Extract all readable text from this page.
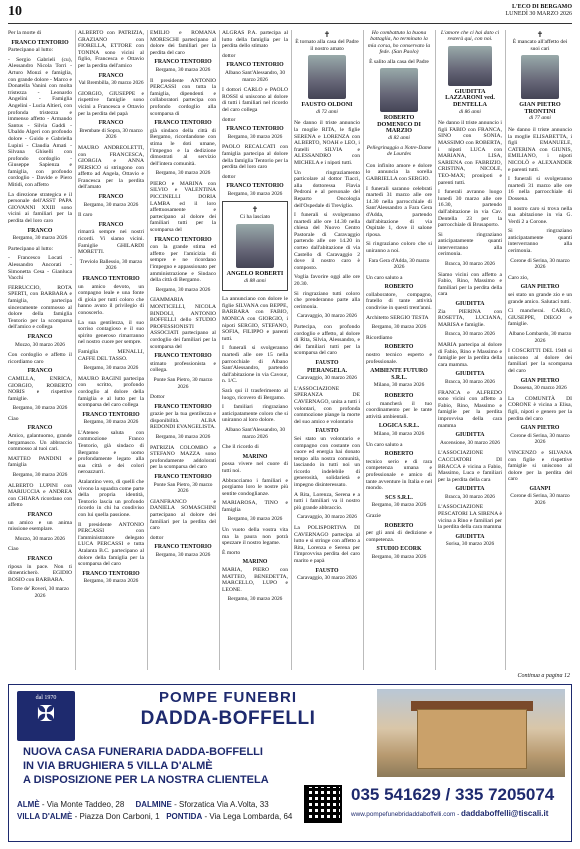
10	L'ECO DI BERGAMO
LUNEDÌ 30 MARZO 2026

Per la morte di

FRANCO TENTORIO

Partecipano al lutto:

- Sergio Gabrieli (cu), Alessandro Nicola Torri - Arturo Monzi e famiglia, con grande dolore - Marco e Donatella Vanini con molta tristezza - Leonardo Angelini - Famiglia Angelini - Lucia Altieri, con profonda tristezza e immenso affetto - Armando Santus - Silvia Gaddi - Ubaldo Algeri con profondo dolore - Guido e Gabriella Lupini - Claudia Amati - Silvana Ghiselli con profondo cordoglio - Giuseppe Sapienza e famiglia, con profondo cordoglio - Davide e Piero Mitidi, con affetto

La direzione strategica e il personale dell'ASST PAPA GIOVANNI XXIII sono vicini ai familiari per la perdita del loro caro

FRANCO

Bergamo, 30 marzo 2026

Partecipano al lutto:

- Francesco Locati - Alessandro Ancorati - Simonetta Cesa - Gianluca Vacchi

FERRUCCIO, ROTA SPERTI, con BARBARA e famiglia, partecipa sinceramente commosso al dolore della famiglia Tentorio per la scomparsa dell'amico e collega

FRANCO

Mozzo, 30 marzo 2026

Con cordoglio e affetto il ricordiamo caro

FRANCO

CAMILLA, ENRICA, GIORGIO, ROBERTO NORIS e rispettive famiglie.

Bergamo, 30 marzo 2026

Ciao

FRANCO

Amico, galantuomo, grande bergamasco. Un abbraccio commosso al tuoi cari.

MATTEO PANDINI e famiglia

Bergamo, 30 marzo 2026

ALBERTO LUPINI con MARIUCCIA e ANDREA con CHIARA ricordano con affetto

FRANCO

un amico e un anima missione esemplare.

Mozzo, 30 marzo 2026

Ciao

FRANCO

riposa in pace. Non ti dimenticherò. EGIDIO BOSIO con BARBARA.

Torre de' Roveri, 30 marzo 2026

ALBERTO con PATRIZIA, GRAZIANO con FIORELLA, ETTORE con TONINA sono vicini al figlio, Francesca e Ottavio per la perdita dell'amico

FRANCO

Val Brembilla, 30 marzo 2026

GIORGIO, GIUSEPPE e rispettive famiglie sono vicini a Francesca e Ottavio per la perdita del papà

FRANCO

Brembate di Sopra, 30 marzo 2026

MAURO ANDREOLETTI, con FRANCESCA, GIORGIA e ANNA PERSICO si stringono con affetto ad Angela, Ottavio e Francesca per la perdita dell'amato

FRANCO

Bergamo, 30 marzo 2026

Il caro

FRANCO

rimarrà sempre nei nostri ricordi. Vi siamo vicini. Famiglie GHILARDI MORETTI.

Treviolo Ballessio, 30 marzo 2026

FRANCO TENTORIO

un amico devoto, un compagno leale e una fonte di gioia per tutti coloro che hanno avuto il privilegio di conoscerlo.

La sua gentilezza, il suo sorriso contagioso e il suo spirito generoso rimarranno nel nostro cuore per sempre.

Famiglia MENALLI, CAFFE DEL TASSO.

Bergamo, 30 marzo 2026

MAURO BAGINI partecipa con scritto, profondo cordoglio al dolore della famiglia e al lutto per la scomparsa del caro collega

FRANCO TENTORIO

Bergamo, 30 marzo 2026

L'Ateneo saluta con commozione Franco Tentorio, già sindaco di Bergamo e uomo profondamente legato alla sua città e dei colori neroazzurri.

Atalantino vero, di quelli che vivono la squadra come parte della propria identità, Tentorio lascia un profondo ricordo in chi ha condiviso con lui quella passione.

Il presidente ANTONIO PERCASSI con l'amministratore delegato LUCA PERCASSI e tutta Atalanta B.C. partecipano al dolore della famiglia per la scomparsa del caro

FRANCO TENTORIO

Bergamo, 30 marzo 2026

EMILIO e ROMANA MORESCHI partecipano al dolore dei familiari per la perdita del caro

FRANCO TENTORIO

Bergamo, 30 marzo 2026

Il presidente ANTONIO PERCASSI con tutta la famiglia, dipendenti e collaboratori partecipa con profondo cordoglio alla scomparsa di

FRANCO TENTORIO

già sindaco della città di Bergamo, ricordandone con stima le doti umane, l'impegno e la dedizione dimostrati al servizio dell'intera comunità.

Bergamo, 30 marzo 2026

PIERO e MARINA con SILVIO e VALENTINA PICCINELLI DORIA LAMBA ed il loro affettuosamente e partecipano al dolore dei familiari tutti per la scomparsa del

FRANCO TENTORIO

con la grande stima ed affetto per l'amicizia di sempre e ne ricordano l'impegno e appassionato per amministrazione e Sindaco della città di Bergamo.

Bergamo, 30 marzo 2026

GIAMMARIA MONTICELLI, NICOLA BINDOLI, ANTONIO BOFFELLI dello STUDIO PROFESSIONISTI ASSOCIATI partecipano al cordoglio dei familiari per la scomparsa del

FRANCO TENTORIO

stimato professionista e collega.

Ponte San Pietro, 30 marzo 2026

Dottor

FRANCO TENTORIO

grazie per la tua gentilezza e disponibilità. ALBA REDONDI EVANGELISTA.

Bergamo, 30 marzo 2026

PATRIZIA COLOMBO e STEFANO MAZZA sono profondamente addolorati per la scomparsa del caro

FRANCO TENTORIO

Ponte San Pietro, 30 marzo 2026

GIANFRANCO e DANIELA SOMASCHINI partecipano al dolore dei familiari per la perdita del caro

dottor

FRANCO TENTORIO

Bergamo, 30 marzo 2026

ALGRAS P.A. partecipa al lutto della famiglia per la perdita dello stimato

dottor

FRANCO TENTORIO

Albano Sant'Alessandro, 30 marzo 2026

I dottori CARLO e PAOLO ROSSI si uniscono al dolore di tutti i familiari nel ricordo del caro collega

dottor

FRANCO TENTORIO

Bergamo, 30 marzo 2026

PAOLO RECALCATI con famiglia partecipa al dolore della famiglia Tentorio per la perdita del loro caro

dottor

FRANCO TENTORIO

Bergamo, 30 marzo 2026

✝
Ci ha lasciato
ANGELO ROBERTI
di 88 anni

La annunciano con dolore le figlie SILVANA con BEPPE, BARBARA con FABIO, MONICA con GIORGIO, i nipoti SERGIO, STEFANO, SOFIA, FILIPPO e parenti tutti.

I funerali si svolgeranno martedì alle ore 15 nella parrocchiale di Albano Sant'Alessandro, partendo dall'abitazione in via Cavour, n. 1/C.

Sarà qui il trasferimento al luogo, ricovero di Bergamo.

I familiari ringraziano anticipatamente coloro che si uniranno al loro dolore.

Albano Sant'Alessandro, 30 marzo 2026

Che il ricordo di

MARINO

possa vivere nel cuore di tutti noi.

Abbracciamo i familiari e porgiamo loro le nostre più sentite condoglianze.

MARIAROSA, TINO e famiglia

Bergamo, 30 marzo 2026

Un vuoto della vostra vita ma la paura non potrà spezzare il nostro legame.

È morto

MARINO

MARIA, PIERO con MATTEO, BENEDETTA, MARCELLO, LUPO e LEONE.

Bergamo, 30 marzo 2026

✝
È tornato alla casa del Padre il nostro amato
FAUSTO OLDONI
di 72 anni

Ne danno il triste annuncio la moglie RITA, le figlie SERENA e LORENZA con ALBERTO, NOAH e LEO, i fratelli SILVIA e ALESSANDRO con MICHELA e i nipoti tutti.

Un ringraziamento particolare al dottor Tiacci, alla dottoressa Flavia Pedroni e al personale del Reparto Oncologia dell'Ospedale di Treviglio.

I funerali si svolgeranno martedì alle ore 14.30 nella chiesa del Nuovo Centro Pastorale di Caravaggio partendo alle ore 14.20 in corteo dall'abitazione di via Castello di Caravaggio 2 dove il nostro caro è composto.

Voglia favorire oggi alle ore 20.30.

Si ringraziano tutti coloro che prenderanno parte alla cerimonia.

Caravaggio, 30 marzo 2026

Partecipa, con profondo cordoglio e affetto, al dolore di Rita, Silvia, Alessandro, e dei familiari tutti per la scomparsa del caro

FAUSTO

PIERANGELA.

Caravaggio, 30 marzo 2026

L'ASSOCIAZIONE SPERANZA DE CAVERNAGO, unita a tutti i volontari, con profonda commozione piange la morte del suo amico e volontario

FAUSTO

Sei stato un volontario e compagno con costante con cuore ed energia hai donato tempo alla nostra comunità, lasciando in tutti noi un ricordo indelebile di generosità, solidarietà e impegno disinteressato.

A Rita, Lorenza, Serena e a tutti i familiari va il nostro più grande abbraccio.

Caravaggio, 30 marzo 2026

La POLISPORTIVA DI CAVERNAGO partecipa al lutto e si stringe con affetto a Rita, Lorenza e Serena per l'improvvisa perdita del caro marito e papà

FAUSTO

Caravaggio, 30 marzo 2026

Ho combattuto la buona battaglia, ho terminato la mia corsa, ho conservato la fede. (San Paolo)
È salito alla casa del Padre
ROBERTO DOMENICO DI MARZIO
di 82 anni
Pellegrinaggio a Notre-Dame de Lourdes

Con infinito amore e dolore lo annuncia la sorella GABRIELLA con SERGIO.

I funerali saranno celebrati martedì 31 marzo alle ore 14.30 nella parrocchiale di Sant'Alessandro a Fara Gera d'Adda, partendo dall'abitazione di via Ospitale 1, dove il salone riposa.

Si ringraziano coloro che si uniranno a noi.

Fara Gera d'Adda, 30 marzo 2026

Un caro saluto a

ROBERTO

collaboratore, compagno, fratello di tante attività condivise in questi trent'anni.

Architetto SERGIO TESTA

Bergamo, 30 marzo 2026

Ricordiamo

ROBERTO

nostro tecnico esperto e professionale.

AMBIENTE FUTURO S.R.L.

Milano, 30 marzo 2026

ROBERTO

ci mancherà il tuo coordinamento per le tante attività ambientali.

LOGICA S.R.L.

Milano, 30 marzo 2026

Un caro saluto a

ROBERTO

tecnico serio e di rara competenza umana e professionale e amico di tante avventure in Italia e nel mondo.

SCS S.R.L.

Bergamo, 30 marzo 2026

Grazie

ROBERTO

per gli anni di dedizione e competenza.

STUDIO ECORK

Bergamo, 30 marzo 2026

L'amore che ci hai dato ci resterà qui, con noi.
GIUDITTA LAZZARONI ved. DENTELLA
di 86 anni

Ne danno il triste annuncio i figli FABIO con FRANCA, SINO con SONIA, MASSIMO con ROBERTA, i nipoti LUCA con MARIANA, LISA, SARIENA con FABRIZIO, CRISTINA, NICOLE, TEO-MAX; pronipoti e parenti tutti.

I funerali avranno luogo lunedì 30 marzo alle ore 16.30, partendo dall'abitazione in via Cav. Dentella 23 per la parrocchiale di Brusaporto.

Si ringraziano anticipatamente quanti interverranno alla cerimonia.

Bracca, 30 marzo 2026

Siamo vicini con affetto a Fabio, Rino, Massimo e familiari per la perdita della cara

GIUDITTA

Zia PIERINA con ROSETTA, LUCIANA, MARISA e famiglie.

Bracca, 30 marzo 2026

MARIA partecipa al dolore di Fabio, Rino e Massimo e famiglie per la perdita della cara mamma.

GIUDITTA

Bracca, 30 marzo 2026

FRANCA e ALFREDO sono vicini con affetto a Fabio, Rino, Massimo e famiglie per la perdita improvvisa della cara mamma

GIUDITTA

Ascensione, 30 marzo 2026

L'ASSOCIAZIONE CACCIATORI DI BRACCA è vicina a Fabio, Massimo, Luca e familiari per la perdita della cara

GIUDITTA

Bracca, 30 marzo 2026

L'ASSOCIAZIONE PESCATORI LA SIRENA è vicina a Rino e familiari per la perdita della cara mamma

GIUDITTA

Sorisa, 30 marzo 2026

✝
È mancato all'affetto dei suoi cari
GIAN PIETRO TRONTINI
di 77 anni

Ne danno il triste annuncio la moglie ELISABETTA, i figli EMANUELE, CATERINA con GIUNIS, EMILIANO, i nipoti NICOLÒ e ALEXANDER e parenti tutti.

I funerali si svolgeranno martedì 31 marzo alle ore 16 nella parrocchiale di Dossena.

Il nostro caro si trova nella sua abitazione in via G. Verdi 2 a Corone.

Si ringraziano anticipatamente quanti interverranno alla cerimonia.

Corone di Serina, 30 marzo 2026

Caro zio,

GIAN PIETRO

sei stato un grande zio e un grande amico. Salutaci tutti.

Ci mancherai. CARLO, GIUSEPPE, DIEGO e famiglie.

Albano Lombardo, 30 marzo 2026

I COSCRITTI DEL 1948 si uniscono al dolore dei familiari per la scomparsa del caro

GIAN PIETRO

Dossena, 30 marzo 2026

La COMUNITÀ DI CORONE è vicina a Elisa, figli, nipoti e genero per la perdita del caro

GIAN PIETRO

Corone di Serina, 30 marzo 2026

VINCENZO e SILVANA con figlie e rispettive famiglie si uniscono al dolore per la perdita del caro

GIANPI

Corone di Serina, 30 marzo 2026

Continua a pagina 12
dal 1970
✠
POMPE FUNEBRI
DADDA-BOFFELLI
NUOVA CASA FUNERARIA DADDA-BOFFELLI
IN VIA BRUGHIERA 5 VILLA D'ALMÈ
A DISPOSIZIONE PER LA NOSTRA CLIENTELA
ALMÈ - Via Monte Taddeo, 28 DALMINE - Sforzatica Via A.Volta, 33
VILLA D'ALMÈ - Piazza Don Carboni, 1 PONTIDA - Via Lega Lombarda, 64
035 541629 / 335 7205074
www.pompefunebridaddaboffelli.com - daddaboffelli@tiscali.it
